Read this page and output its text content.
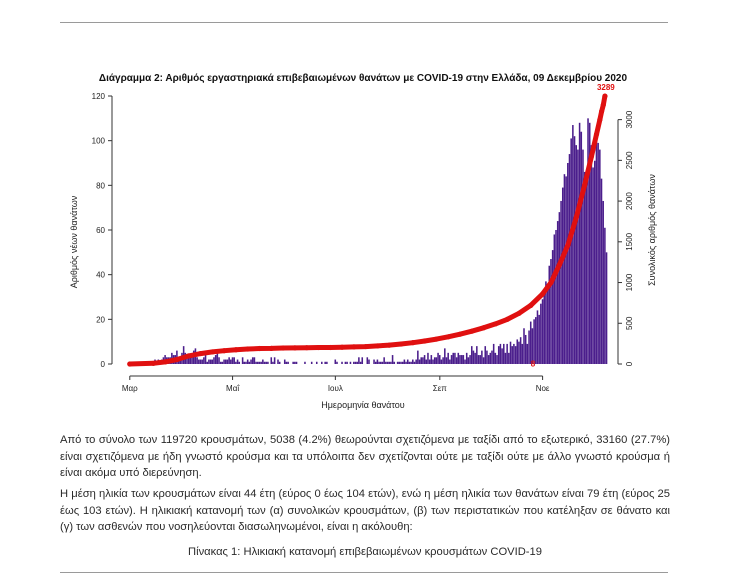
Διάγραμμα 2: Αριθμός εργαστηριακά επιβεβαιωμένων θανάτων με COVID-19 στην Ελλάδα, 09 Δεκεμβρίου 2020
0
20
40
60
80
100
120
0
500
1000
1500
2000
2500
3000
Μαρ	Μαΐ	Ιουλ	Σεπ	Νοε
3289
8
Ημερομηνία θανάτου
Αριθμός νέων θανάτων	Συνολικός αριθμός θανάτων

Από το σύνολο των 119720 κρουσμάτων, 5038 (4.2%) θεωρούνται σχετιζόμενα με ταξίδι από το εξωτερικό, 33160 (27.7%) είναι σχετιζόμενα με ήδη γνωστό κρούσμα και τα υπόλοιπα δεν σχετίζονται ούτε με ταξίδι ούτε με άλλο γνωστό κρούσμα ή είναι ακόμα υπό διερεύνηση.

Η μέση ηλικία των κρουσμάτων είναι 44 έτη (εύρος 0 έως 104 ετών), ενώ η μέση ηλικία των θανάτων είναι 79 έτη (εύρος 25 έως 103 ετών). Η ηλικιακή κατανομή των (α) συνολικών κρουσμάτων, (β) των περιστατικών που κατέληξαν σε θάνατο και (γ) των ασθενών που νοσηλεύονται διασωληνωμένοι, είναι η ακόλουθη:

Πίνακας 1: Ηλικιακή κατανομή επιβεβαιωμένων κρουσμάτων COVID-19
